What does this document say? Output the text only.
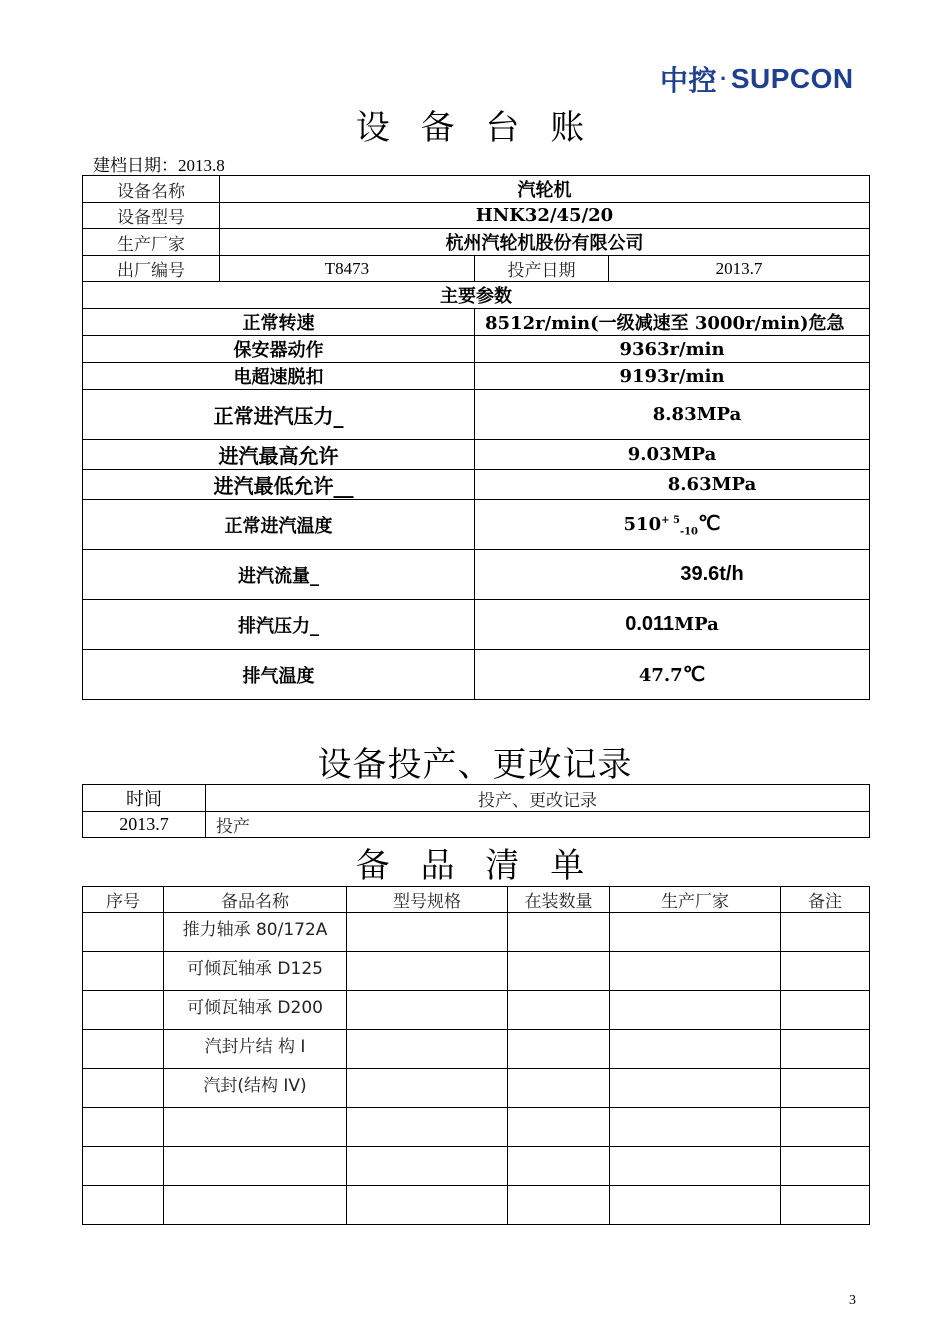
中控 · SUPCON
设 备 台 账
建档日期：2013.8
设备名称	汽轮机		
设备型号	HNK32/45/20		
生产厂家	杭州汽轮机股份有限公司		
出厂编号	T8473	投产日期	2013.7
主要参数			
正常转速		8512r/min(一级减速至 3000r/min)危急	
保安器动作		9363r/min	
电超速脱扣		9193r/min	
正常进汽压力_		8.83MPa	
进汽最高允许		9.03MPa	
进汽最低允许__		8.63MPa	
正常进汽温度		$510^{+ 5}_{-10}℃$	
进汽流量_		39.6t/h	
排汽压力_		0.011MPa	
排气温度		47.7℃	
设备投产、更改记录
时间	投产、更改记录
2013.7	投产
备 品 清 单
序号	备品名称	型号规格	在装数量	生产厂家	备注
	推力轴承 80/172A				
	可倾瓦轴承 D125				
	可倾瓦轴承 D200				
	汽封片结 构 I				
	汽封(结构 IV)				

3
